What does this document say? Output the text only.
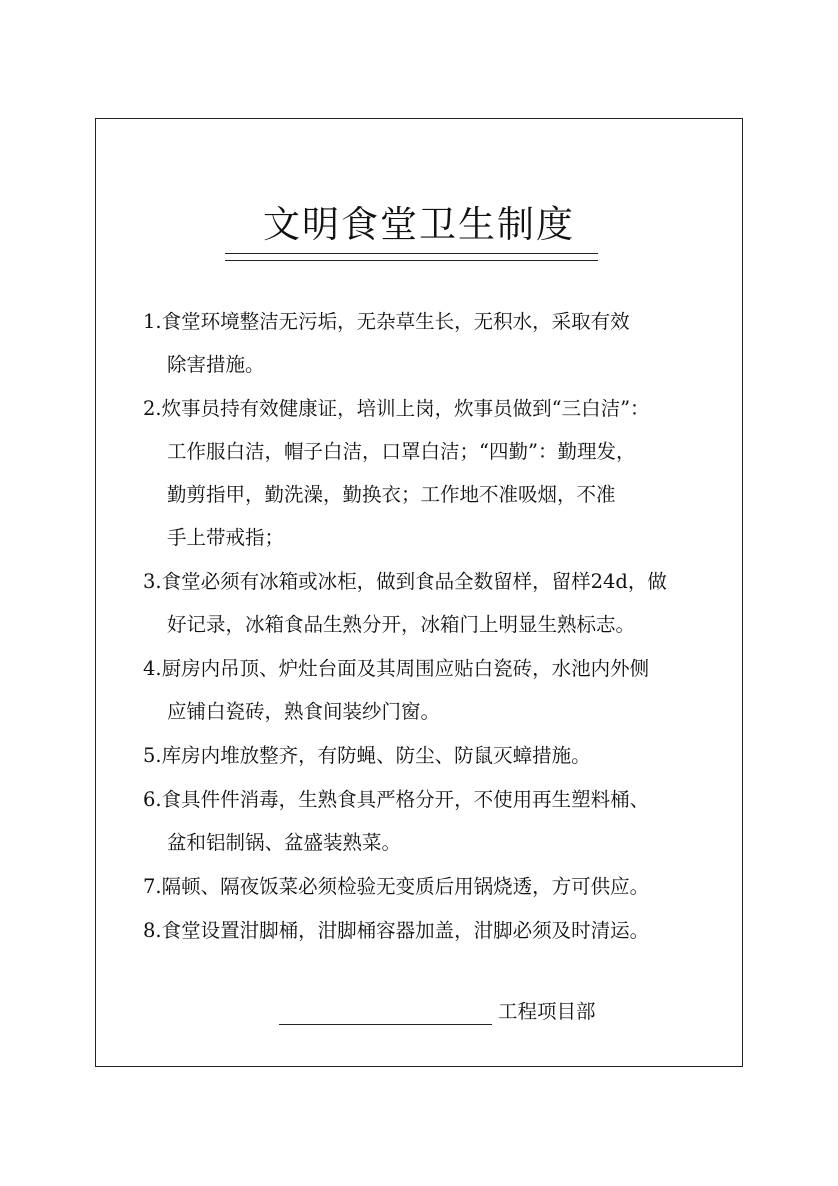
文明食堂卫生制度
1.食堂环境整洁无污垢，无杂草生长，无积水，采取有效
除害措施。
2.炊事员持有效健康证，培训上岗，炊事员做到“三白洁”：
工作服白洁，帽子白洁，口罩白洁；“四勤”：勤理发，
勤剪指甲，勤洗澡，勤换衣；工作地不准吸烟，不准
手上带戒指；
3.食堂必须有冰箱或冰柜，做到食品全数留样，留样24d，做
好记录，冰箱食品生熟分开，冰箱门上明显生熟标志。
4.厨房内吊顶、炉灶台面及其周围应贴白瓷砖，水池内外侧
应铺白瓷砖，熟食间装纱门窗。
5.库房内堆放整齐，有防蝇、防尘、防鼠灭蟑措施。
6.食具件件消毒，生熟食具严格分开，不使用再生塑料桶、
盆和铝制锅、盆盛装熟菜。
7.隔顿、隔夜饭菜必须检验无变质后用锅烧透，方可供应。
8.食堂设置泔脚桶，泔脚桶容器加盖，泔脚必须及时清运。
工程项目部
